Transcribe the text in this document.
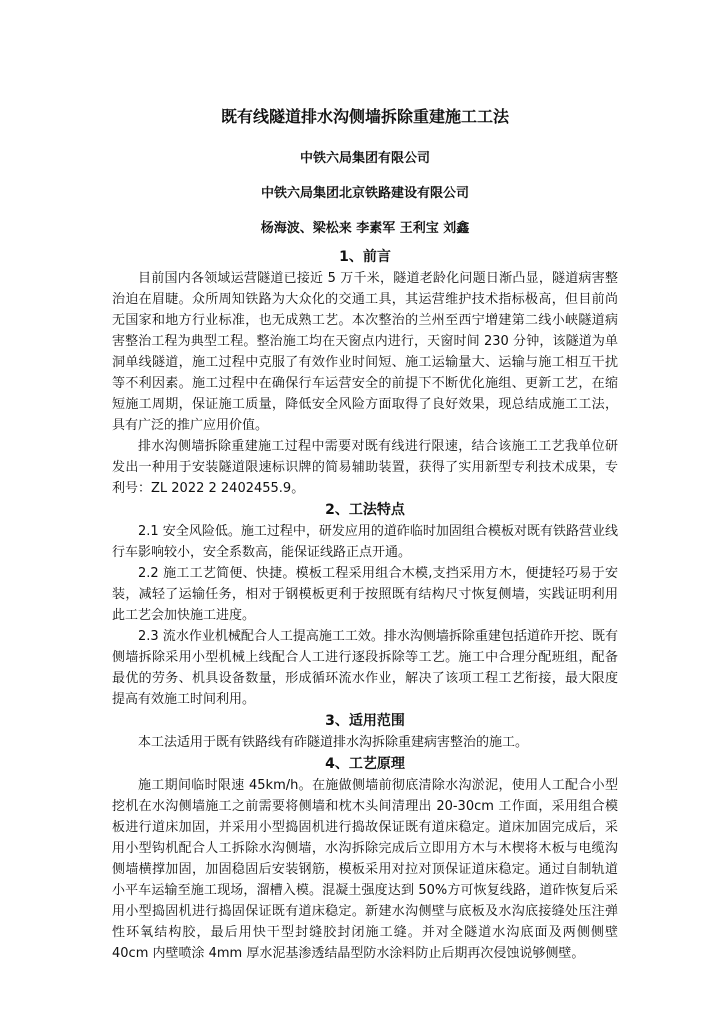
既有线隧道排水沟侧墙拆除重建施工工法
中铁六局集团有限公司
中铁六局集团北京铁路建设有限公司
杨海波、梁松来 李素军 王利宝 刘鑫
1、前言

目前国内各领域运营隧道已接近 5 万千米，隧道老龄化问题日渐凸显，隧道病害整治迫在眉睫。众所周知铁路为大众化的交通工具，其运营维护技术指标极高，但目前尚无国家和地方行业标准，也无成熟工艺。本次整治的兰州至西宁增建第二线小峡隧道病害整治工程为典型工程。整治施工均在天窗点内进行，天窗时间 230 分钟，该隧道为单洞单线隧道，施工过程中克服了有效作业时间短、施工运输量大、运输与施工相互干扰等不利因素。施工过程中在确保行车运营安全的前提下不断优化施组、更新工艺，在缩短施工周期，保证施工质量，降低安全风险方面取得了良好效果，现总结成施工工法，具有广泛的推广应用价值。

排水沟侧墙拆除重建施工过程中需要对既有线进行限速，结合该施工工艺我单位研发出一种用于安装隧道限速标识牌的简易辅助装置，获得了实用新型专利技术成果，专利号：ZL 2022 2 2402455.9。

2、工法特点

2.1 安全风险低。施工过程中，研发应用的道砟临时加固组合模板对既有铁路营业线行车影响较小，安全系数高，能保证线路正点开通。

2.2 施工工艺简便、快捷。模板工程采用组合木模,支挡采用方木，便捷轻巧易于安装，减轻了运输任务，相对于钢模板更利于按照既有结构尺寸恢复侧墙，实践证明利用此工艺会加快施工进度。

2.3 流水作业机械配合人工提高施工工效。排水沟侧墙拆除重建包括道砟开挖、既有侧墙拆除采用小型机械上线配合人工进行逐段拆除等工艺。施工中合理分配班组，配备最优的劳务、机具设备数量，形成循环流水作业，解决了该项工程工艺衔接，最大限度提高有效施工时间利用。

3、适用范围

本工法适用于既有铁路线有砟隧道排水沟拆除重建病害整治的施工。

4、工艺原理

施工期间临时限速 45km/h。在施做侧墙前彻底清除水沟淤泥，使用人工配合小型挖机在水沟侧墙施工之前需要将侧墙和枕木头间清理出 20-30cm 工作面，采用组合模板进行道床加固，并采用小型捣固机进行捣故保证既有道床稳定。道床加固完成后，采用小型钩机配合人工拆除水沟侧墙，水沟拆除完成后立即用方木与木楔将木板与电缆沟侧墙横撑加固，加固稳固后安装钢筋，模板采用对拉对顶保证道床稳定。通过自制轨道小平车运输至施工现场，溜槽入模。混凝土强度达到 50%方可恢复线路，道砟恢复后采用小型捣固机进行捣固保证既有道床稳定。新建水沟侧壁与底板及水沟底接缝处压注弹性环氧结构胶，最后用快干型封缝胶封闭施工缝。并对全隧道水沟底面及两侧侧壁 40cm 内壁喷涂 4mm 厚水泥基渗透结晶型防水涂料防止后期再次侵蚀说够侧壁。
